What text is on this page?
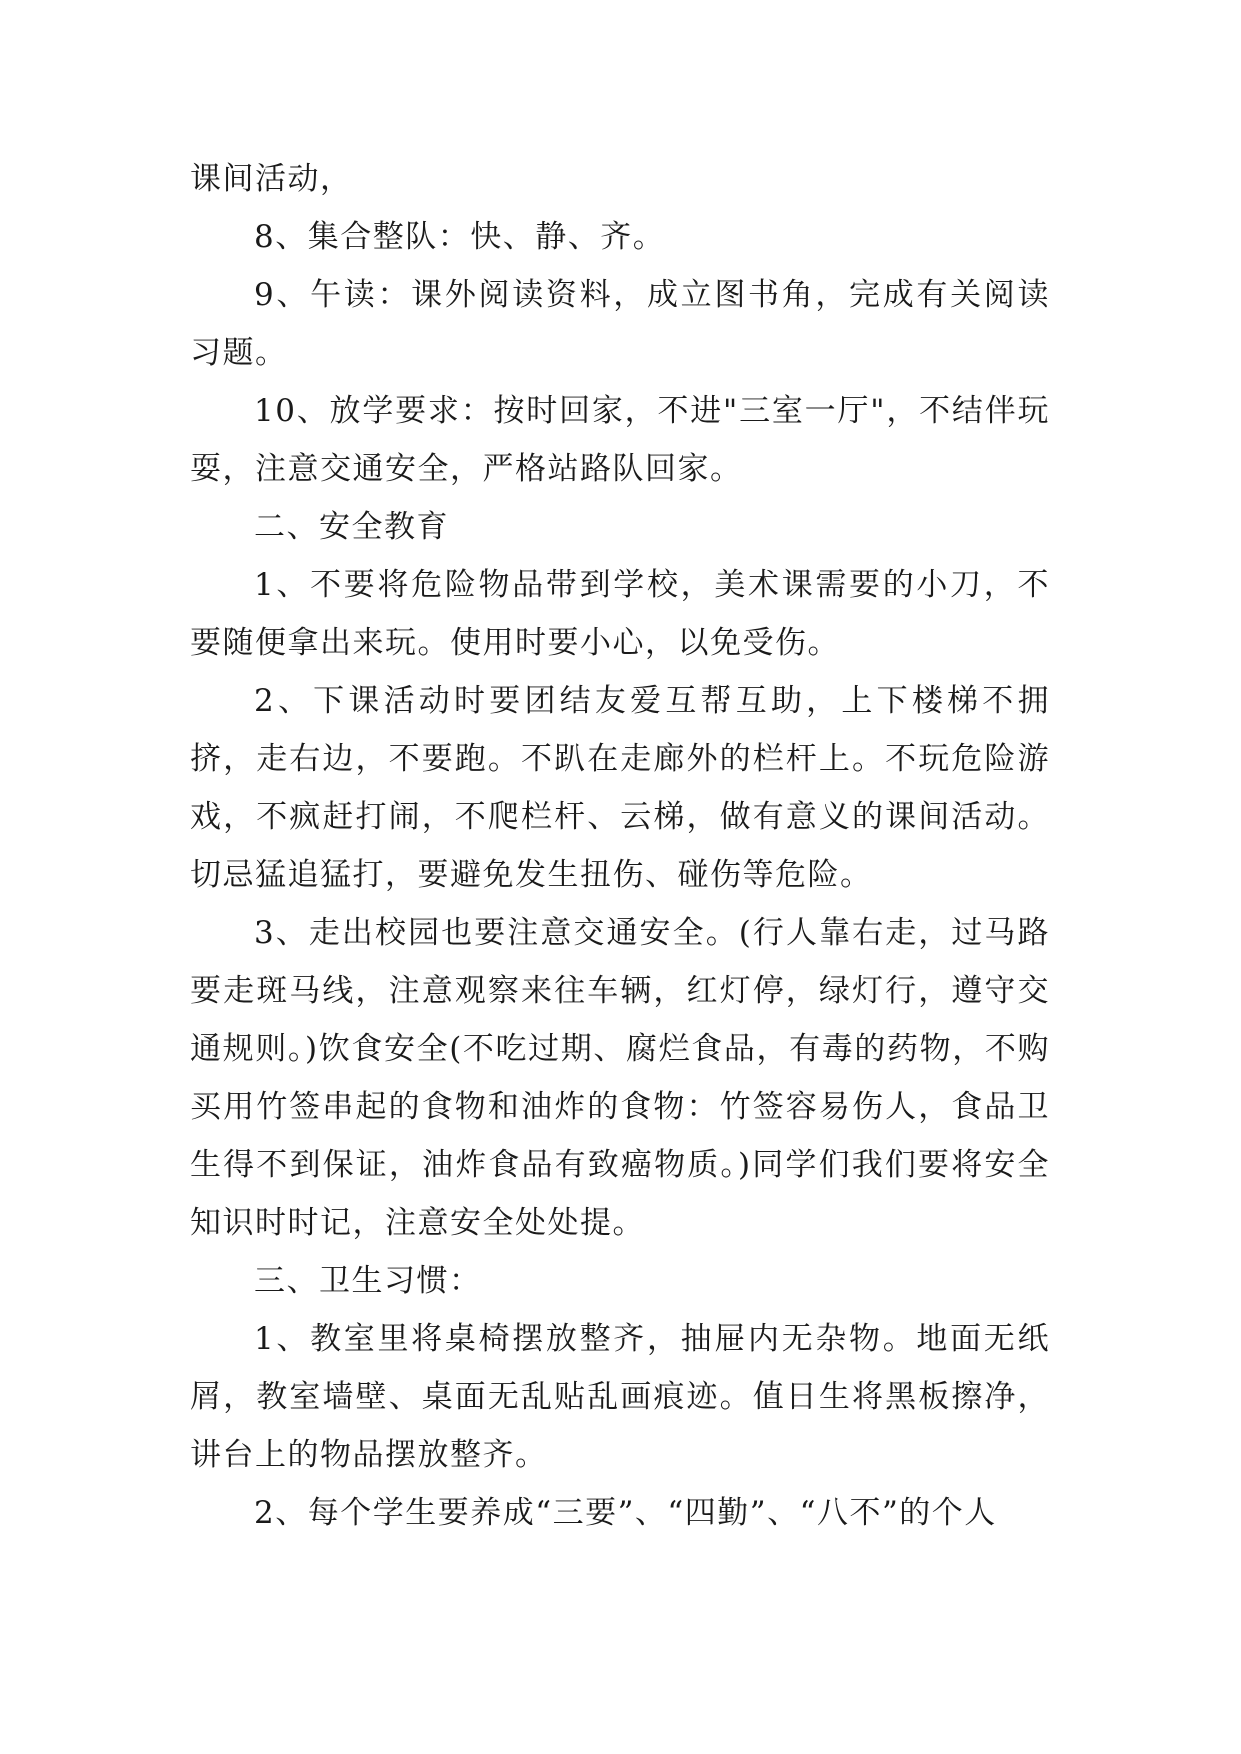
课间活动，

8、集合整队：快、静、齐。

9、午读：课外阅读资料，成立图书角，完成有关阅读习题。

10、放学要求：按时回家，不进"三室一厅"，不结伴玩耍，注意交通安全，严格站路队回家。

二、安全教育

1、不要将危险物品带到学校，美术课需要的小刀，不要随便拿出来玩。使用时要小心，以免受伤。

2、下课活动时要团结友爱互帮互助，上下楼梯不拥挤，走右边，不要跑。不趴在走廊外的栏杆上。不玩危险游戏，不疯赶打闹，不爬栏杆、云梯，做有意义的课间活动。切忌猛追猛打，要避免发生扭伤、碰伤等危险。

3、走出校园也要注意交通安全。(行人靠右走，过马路要走斑马线，注意观察来往车辆，红灯停，绿灯行，遵守交通规则。)饮食安全(不吃过期、腐烂食品，有毒的药物，不购买用竹签串起的食物和油炸的食物：竹签容易伤人，食品卫生得不到保证，油炸食品有致癌物质。)同学们我们要将安全知识时时记，注意安全处处提。

三、卫生习惯：

1、教室里将桌椅摆放整齐，抽屉内无杂物。地面无纸屑，教室墙壁、桌面无乱贴乱画痕迹。值日生将黑板擦净，讲台上的物品摆放整齐。

2、每个学生要养成“三要”、“四勤”、“八不”的个人
